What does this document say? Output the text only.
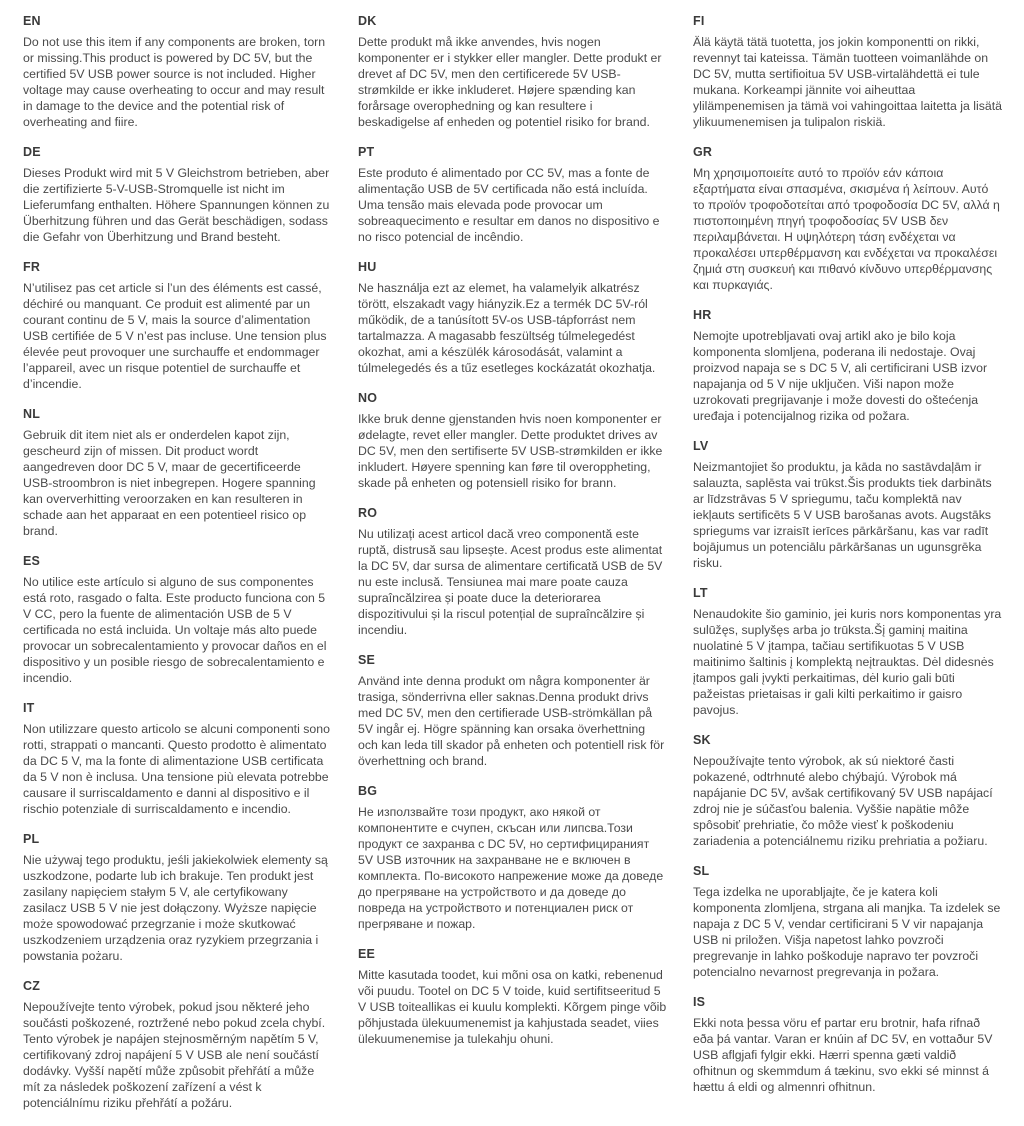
EN

Do not use this item if any components are broken, torn or missing.This product is powered by DC 5V, but the certified 5V USB power source is not included. Higher voltage may cause overheating to occur and may result in damage to the device and the potential risk of overheating and fiire.

DE

Dieses Produkt wird mit 5 V Gleichstrom betrieben, aber die zertifizierte 5-V-USB-Stromquelle ist nicht im Lieferumfang enthalten. Höhere Spannungen können zu Überhitzung führen und das Gerät beschädigen, sodass die Gefahr von Überhitzung und Brand besteht.

FR

N’utilisez pas cet article si l’un des éléments est cassé, déchiré ou manquant. Ce produit est alimenté par un courant continu de 5 V, mais la source d’alimentation USB certifiée de 5 V n’est pas incluse. Une tension plus élevée peut provoquer une surchauffe et endommager l’appareil, avec un risque potentiel de surchauffe et d’incendie.

NL

Gebruik dit item niet als er onderdelen kapot zijn, gescheurd zijn of missen. Dit product wordt aangedreven door DC 5 V, maar de gecertificeerde USB-stroombron is niet inbegrepen. Hogere spanning kan oververhitting veroorzaken en kan resulteren in schade aan het apparaat en een potentieel risico op brand.

ES

No utilice este artículo si alguno de sus componentes está roto, rasgado o falta. Este producto funciona con 5 V CC, pero la fuente de alimentación USB de 5 V certificada no está incluida. Un voltaje más alto puede provocar un sobrecalentamiento y provocar daños en el dispositivo y un posible riesgo de sobrecalentamiento e incendio.

IT

Non utilizzare questo articolo se alcuni componenti sono rotti, strappati o mancanti. Questo prodotto è alimentato da DC 5 V, ma la fonte di alimentazione USB certificata da 5 V non è inclusa. Una tensione più elevata potrebbe causare il surriscaldamento e danni al dispositivo e il rischio potenziale di surriscaldamento e incendio.

PL

Nie używaj tego produktu, jeśli jakiekolwiek elementy są uszkodzone, podarte lub ich brakuje. Ten produkt jest zasilany napięciem stałym 5 V, ale certyfikowany zasilacz USB 5 V nie jest dołączony. Wyższe napięcie może spowodować przegrzanie i może skutkować uszkodzeniem urządzenia oraz ryzykiem przegrzania i powstania pożaru.

CZ

Nepoužívejte tento výrobek, pokud jsou některé jeho součásti poškozené, roztržené nebo pokud zcela chybí. Tento výrobek je napájen stejnosměrným napětím 5 V, certifikovaný zdroj napájení 5 V USB ale není součástí dodávky. Vyšší napětí může způsobit přehřátí a může mít za následek poškození zařízení a vést k potenciálnímu riziku přehřátí a požáru.

DK

Dette produkt må ikke anvendes, hvis nogen komponenter er i stykker eller mangler. Dette produkt er drevet af DC 5V, men den certificerede 5V USB-strømkilde er ikke inkluderet. Højere spænding kan forårsage overophedning og kan resultere i beskadigelse af enheden og potentiel risiko for brand.

PT

Este produto é alimentado por CC 5V, mas a fonte de alimentação USB de 5V certificada não está incluída. Uma tensão mais elevada pode provocar um sobreaquecimento e resultar em danos no dispositivo e no risco potencial de incêndio.

HU

Ne használja ezt az elemet, ha valamelyik alkatrész törött, elszakadt vagy hiányzik.Ez a termék DC 5V-ról működik, de a tanúsított 5V-os USB-tápforrást nem tartalmazza. A magasabb feszültség túlmelegedést okozhat, ami a készülék károsodását, valamint a túlmelegedés és a tűz esetleges kockázatát okozhatja.

NO

Ikke bruk denne gjenstanden hvis noen komponenter er ødelagte, revet eller mangler. Dette produktet drives av DC 5V, men den sertifiserte 5V USB-strømkilden er ikke inkludert. Høyere spenning kan føre til overoppheting, skade på enheten og potensiell risiko for brann.

RO

Nu utilizați acest articol dacă vreo componentă este ruptă, distrusă sau lipsește. Acest produs este alimentat la DC 5V, dar sursa de alimentare certificată USB de 5V nu este inclusă. Tensiunea mai mare poate cauza supraîncălzirea și poate duce la deteriorarea dispozitivului și la riscul potențial de supraîncălzire și incendiu.

SE

Använd inte denna produkt om några komponenter är trasiga, sönderrivna eller saknas.Denna produkt drivs med DC 5V, men den certifierade USB-strömkällan på 5V ingår ej. Högre spänning kan orsaka överhettning och kan leda till skador på enheten och potentiell risk för överhettning och brand.

BG

Не използвайте този продукт, ако някой от компонентите е счупен, скъсан или липсва.Този продукт се захранва с DC 5V, но сертифицираният 5V USB източник на захранване не е включен в комплекта. По-високото напрежение може да доведе до прегряване на устройството и да доведе до повреда на устройството и потенциален риск от прегряване и пожар.

EE

Mitte kasutada toodet, kui mõni osa on katki, rebenenud või puudu. Tootel on DC 5 V toide, kuid sertifitseeritud 5 V USB toiteallikas ei kuulu komplekti. Kõrgem pinge võib põhjustada ülekuumenemist ja kahjustada seadet, viies ülekuumenemise ja tulekahju ohuni.

FI

Älä käytä tätä tuotetta, jos jokin komponentti on rikki, revennyt tai kateissa. Tämän tuotteen voimanlähde on DC 5V, mutta sertifioitua 5V USB-virtalähdettä ei tule mukana. Korkeampi jännite voi aiheuttaa ylilämpenemisen ja tämä voi vahingoittaa laitetta ja lisätä ylikuumenemisen ja tulipalon riskiä.

GR

Μη χρησιμοποιείτε αυτό το προϊόν εάν κάποια εξαρτήματα είναι σπασμένα, σκισμένα ή λείπουν. Αυτό το προϊόν τροφοδοτείται από τροφοδοσία DC 5V, αλλά η πιστοποιημένη πηγή τροφοδοσίας 5V USB δεν περιλαμβάνεται. Η υψηλότερη τάση ενδέχεται να προκαλέσει υπερθέρμανση και ενδέχεται να προκαλέσει ζημιά στη συσκευή και πιθανό κίνδυνο υπερθέρμανσης και πυρκαγιάς.

HR

Nemojte upotrebljavati ovaj artikl ako je bilo koja komponenta slomljena, poderana ili nedostaje. Ovaj proizvod napaja se s DC 5 V, ali certificirani USB izvor napajanja od 5 V nije uključen. Viši napon može uzrokovati pregrijavanje i može dovesti do oštećenja uređaja i potencijalnog rizika od požara.

LV

Neizmantojiet šo produktu, ja kāda no sastāvdaļām ir salauzta, saplēsta vai trūkst.Šis produkts tiek darbināts ar līdzstrāvas 5 V spriegumu, taču komplektā nav iekļauts sertificēts 5 V USB barošanas avots. Augstāks spriegums var izraisīt ierīces pārkāršanu, kas var radīt bojājumus un potenciālu pārkāršanas un ugunsgrēka risku.

LT

Nenaudokite šio gaminio, jei kuris nors komponentas yra sulūžęs, suplyšęs arba jo trūksta.Šį gaminį maitina nuolatinė 5 V įtampa, tačiau sertifikuotas 5 V USB maitinimo šaltinis į komplektą neįtrauktas. Dėl didesnės įtampos gali įvykti perkaitimas, dėl kurio gali būti pažeistas prietaisas ir gali kilti perkaitimo ir gaisro pavojus.

SK

Nepoužívajte tento výrobok, ak sú niektoré časti pokazené, odtrhnuté alebo chýbajú. Výrobok má napájanie DC 5V, avšak certifikovaný 5V USB napájací zdroj nie je súčasťou balenia. Vyššie napätie môže spôsobiť prehriatie, čo môže viesť k poškodeniu zariadenia a potenciálnemu riziku prehriatia a požiaru.

SL

Tega izdelka ne uporabljajte, če je katera koli komponenta zlomljena, strgana ali manjka. Ta izdelek se napaja z DC 5 V, vendar certificirani 5 V vir napajanja USB ni priložen. Višja napetost lahko povzroči pregrevanje in lahko poškoduje napravo ter povzroči potencialno nevarnost pregrevanja in požara.

IS

Ekki nota þessa vöru ef partar eru brotnir, hafa rifnað eða þá vantar. Varan er knúin af DC 5V, en vottaður 5V USB aflgjafi fylgir ekki. Hærri spenna gæti valdið ofhitnun og skemmdum á tækinu, svo ekki sé minnst á hættu á eldi og almennri ofhitnun.
